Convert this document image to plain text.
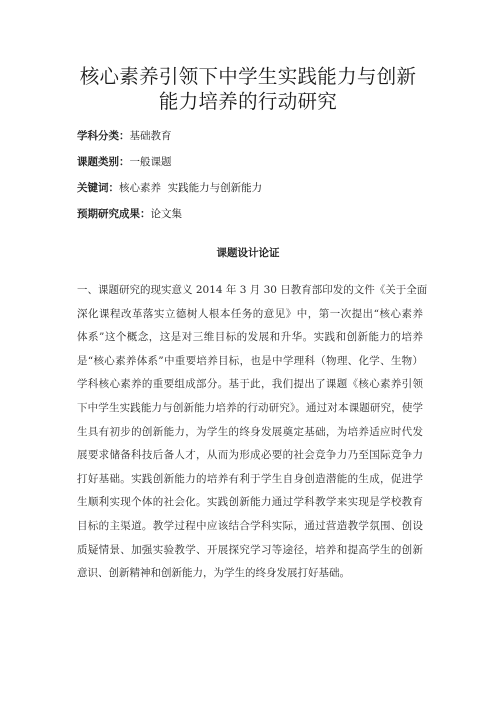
核心素养引领下中学生实践能力与创新
能力培养的行动研究
学科分类：基础教育
课题类别：一般课题
关键词：核心素养  实践能力与创新能力
预期研究成果：论文集
课题设计论证
一、课题研究的现实意义 2014 年 3 月 30 日教育部印发的文件《关于全面
深化课程改革落实立德树人根本任务的意见》中，第一次提出“核心素养
体系”这个概念，这是对三维目标的发展和升华。实践和创新能力的培养
是“核心素养体系”中重要培养目标，也是中学理科（物理、化学、生物）
学科核心素养的重要组成部分。基于此，我们提出了课题《核心素养引领
下中学生实践能力与创新能力培养的行动研究》。通过对本课题研究，使学
生具有初步的创新能力，为学生的终身发展奠定基础，为培养适应时代发
展要求储备科技后备人才，从而为形成必要的社会竞争力乃至国际竞争力
打好基础。实践创新能力的培养有利于学生自身创造潜能的生成，促进学
生顺利实现个体的社会化。实践创新能力通过学科教学来实现是学校教育
目标的主渠道。教学过程中应该结合学科实际，通过营造教学氛围、创设
质疑情景、加强实验教学、开展探究学习等途径，培养和提高学生的创新
意识、创新精神和创新能力，为学生的终身发展打好基础。
